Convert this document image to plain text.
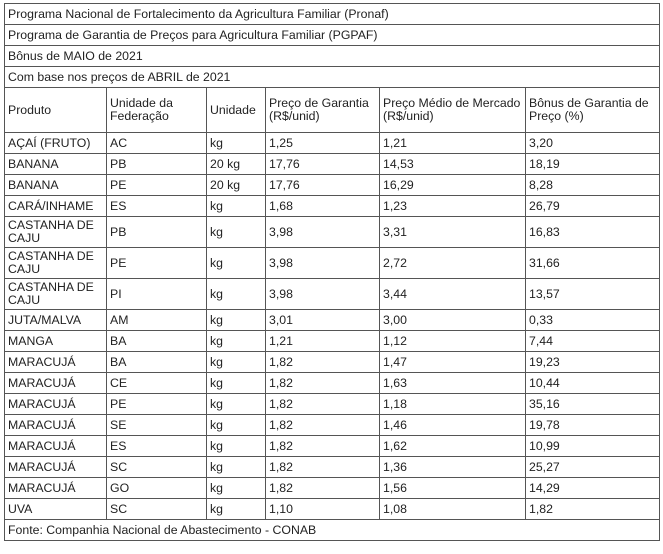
Programa Nacional de Fortalecimento da Agricultura Familiar (Pronaf)					
Programa de Garantia de Preços para Agricultura Familiar (PGPAF)					
Bônus de MAIO de 2021					
Com base nos preços de ABRIL de 2021					
Produto	Unidade da Federação	Unidade	Preço de Garantia (R$/unid)	Preço Médio de Mercado (R$/unid)	Bônus de Garantia de Preço (%)
AÇAÍ (FRUTO)	AC	kg	1,25	1,21	3,20
BANANA	PB	20 kg	17,76	14,53	18,19
BANANA	PE	20 kg	17,76	16,29	8,28
CARÁ/INHAME	ES	kg	1,68	1,23	26,79
CASTANHA DE CAJU	PB	kg	3,98	3,31	16,83
CASTANHA DE CAJU	PE	kg	3,98	2,72	31,66
CASTANHA DE CAJU	PI	kg	3,98	3,44	13,57
JUTA/MALVA	AM	kg	3,01	3,00	0,33
MANGA	BA	kg	1,21	1,12	7,44
MARACUJÁ	BA	kg	1,82	1,47	19,23
MARACUJÁ	CE	kg	1,82	1,63	10,44
MARACUJÁ	PE	kg	1,82	1,18	35,16
MARACUJÁ	SE	kg	1,82	1,46	19,78
MARACUJÁ	ES	kg	1,82	1,62	10,99
MARACUJÁ	SC	kg	1,82	1,36	25,27
MARACUJÁ	GO	kg	1,82	1,56	14,29
UVA	SC	kg	1,10	1,08	1,82
Fonte: Companhia Nacional de Abastecimento - CONAB					
